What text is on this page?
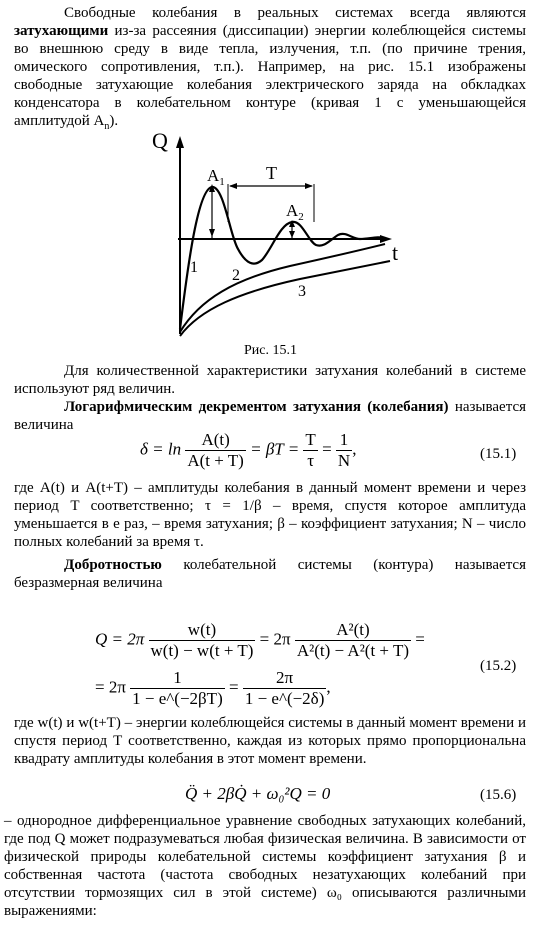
Свободные колебания в реальных системах всегда являются затухающими из-за рассеяния (диссипации) энергии колеблющейся системы во внешнюю среду в виде тепла, излучения, т.п. (по причине трения, омического сопротивления, т.п.). Например, на рис. 15.1 изображены свободные затухающие колебания электрического заряда на обкладках конденсатора в колебательном контуре (кривая 1 с уменьшающейся амплитудой $A_n$).
Q
t
$A_1$
$A_2$
T
1 2
3
Рис. 15.1
Для количественной характеристики затухания колебаний в системе используют ряд величин.
Логарифмическим декрементом затухания (колебания) называется величина
$\delta = \ln \frac{A(t)}{A(t + T)} = \beta T = \frac{T}{\tau} = \frac{1}{N}$ ,	(15.1)
где A(t) и A(t+T) – амплитуды колебания в данный момент времени и через период T соответственно; τ = 1/β – время, спустя которое амплитуда уменьшается в e раз, – время затухания; β – коэффициент затухания; N – число полных колебаний за время τ.
Добротностью колебательной системы (контура) называется безразмерная величина
$Q = 2\pi \frac{w(t)}{w(t) - w(t + T)} = 2\pi \frac{\text{A²(t)}}{\text{A²(t) − A²(t + T)}}$ =
= $2\pi \frac{1}{1 - e\^{}(-2\beta T)} = \frac{2\pi}{1 - e\^{}(-2\delta)}$ ,
(15.2)
где w(t) и w(t+T) – энергии колеблющейся системы в данный момент времени и спустя период T соответственно, каждая из которых прямо пропорциональна квадрату амплитуды колебания в этот момент времени.
Q̈ + 2βQ̇ + ω₀²Q = 0	(15.6)
– однородное дифференциальное уравнение свободных затухающих колебаний, где под Q может подразумеваться любая физическая величина. В зависимости от физической природы колебательной системы коэффициент затухания β и собственная частота (частота свободных незатухающих колебаний при отсутствии тормозящих сил в этой системе) ω₀ описываются различными выражениями:
